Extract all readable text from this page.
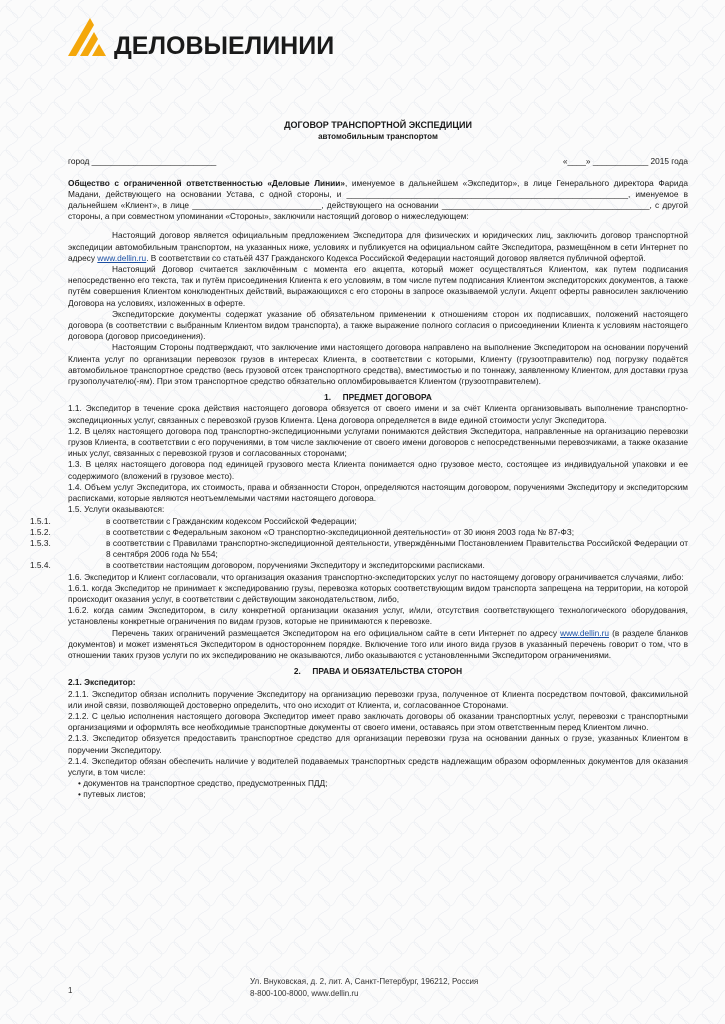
ДЕЛОВЫЕЛИНИИ

ДОГОВОР ТРАНСПОРТНОЙ ЭКСПЕДИЦИИ

автомобильным транспортом

город ___________________________	«____» ____________ 2015 года

Общество с ограниченной ответственностью «Деловые Линии», именуемое в дальнейшем «Экспедитор», в лице Генерального директора Фарида Мадани, действующего на основании Устава, с одной стороны, и _____________________________________________________________, именуемое в дальнейшем «Клиент», в лице ____________________________, действующего на основании _____________________________________________, с другой стороны, а при совместном упоминании «Стороны», заключили настоящий договор о нижеследующем:

Настоящий договор является официальным предложением Экспедитора для физических и юридических лиц, заключить договор транспортной экспедиции автомобильным транспортом, на указанных ниже, условиях и публикуется на официальном сайте Экспедитора, размещённом в сети Интернет по адресу www.dellin.ru. В соответствии со статьёй 437 Гражданского Кодекса Российской Федерации настоящий договор является публичной офертой.

Настоящий Договор считается заключённым с момента его акцепта, который может осуществляться Клиентом, как путем подписания непосредственно его текста, так и путём присоединения Клиента к его условиям, в том числе путем подписания Клиентом экспедиторских документов, а также путём совершения Клиентом конклюдентных действий, выражающихся с его стороны в запросе оказываемой услуги. Акцепт оферты равносилен заключению Договора на условиях, изложенных в оферте.

Экспедиторские документы содержат указание об обязательном применении к отношениям сторон их подписавших, положений настоящего договора (в соответствии с выбранным Клиентом видом транспорта), а также выражение полного согласия о присоединении Клиента к условиям настоящего договора (договор присоединения).

Настоящим Стороны подтверждают, что заключение ими настоящего договора направлено на выполнение Экспедитором на основании поручений Клиента услуг по организации перевозок грузов в интересах Клиента, в соответствии с которыми, Клиенту (грузоотправителю) под погрузку подаётся автомобильное транспортное средство (весь грузовой отсек транспортного средства), вместимостью и по тоннажу, заявленному Клиентом, для доставки груза грузополучателю(-ям). При этом транспортное средство обязательно опломбировывается Клиентом (грузоотправителем).

1.     ПРЕДМЕТ ДОГОВОРА

1.1. Экспедитор в течение срока действия настоящего договора обязуется от своего имени и за счёт Клиента организовывать выполнение транспортно-экспедиционных услуг, связанных с перевозкой грузов Клиента. Цена договора определяется в виде единой стоимости услуг Экспедитора.

1.2. В целях настоящего договора под транспортно-экспедиционными услугами понимаются действия Экспедитора, направленные на организацию перевозки грузов Клиента, в соответствии с его поручениями, в том числе заключение от своего имени договоров с непосредственными перевозчиками, а также оказание иных услуг, связанных с перевозкой грузов и согласованных сторонами;

1.3. В целях настоящего договора под единицей грузового места Клиента понимается одно грузовое место, состоящее из индивидуальной упаковки и ее содержимого (вложений в грузовое место).

1.4. Объем услуг Экспедитора, их стоимость, права и обязанности Сторон, определяются настоящим договором, поручениями Экспедитору и экспедиторским расписками, которые являются неотъемлемыми частями настоящего договора.

1.5. Услуги оказываются:

1.5.1.	в соответствии с Гражданским кодексом Российской Федерации;

1.5.2.	в соответствии с Федеральным законом «О транспортно-экспедиционной деятельности» от 30 июня 2003 года № 87-ФЗ;

1.5.3.	в соответствии с Правилами транспортно-экспедиционной деятельности, утверждёнными Постановлением Правительства Российской Федерации от 8 сентября 2006 года № 554;

1.5.4.	в соответствии настоящим договором, поручениями Экспедитору и экспедиторскими расписками.

1.6. Экспедитор и Клиент согласовали, что организация оказания транспортно-экспедиторских услуг по настоящему договору ограничивается случаями, либо:

1.6.1. когда Экспедитор не принимает к экспедированию грузы, перевозка которых соответствующим видом транспорта запрещена на территории, на которой происходит оказания услуг, в соответствии с действующим законодательством, либо,

1.6.2. когда самим Экспедитором, в силу конкретной организации оказания услуг, и/или, отсутствия соответствующего технологического оборудования, установлены конкретные ограничения по видам грузов, которые не принимаются к перевозке.

Перечень таких ограничений размещается Экспедитором на его официальном сайте в сети Интернет по адресу www.dellin.ru (в разделе бланков документов) и может изменяться Экспедитором в одностороннем порядке. Включение того или иного вида грузов в указанный перечень говорит о том, что в отношении таких грузов услуги по их экспедированию не оказываются, либо оказываются с установленными Экспедитором ограничениями.

2.     ПРАВА И ОБЯЗАТЕЛЬСТВА СТОРОН

2.1. Экспедитор:

2.1.1. Экспедитор обязан исполнить поручение Экспедитору на организацию перевозки груза, полученное от Клиента посредством почтовой, факсимильной или иной связи, позволяющей достоверно определить, что оно исходит от Клиента, и, согласованное Сторонами.

2.1.2. С целью исполнения настоящего договора Экспедитор имеет право заключать договоры об оказании транспортных услуг, перевозки с транспортными организациями и оформлять все необходимые транспортные документы от своего имени, оставаясь при этом ответственным перед Клиентом лично.

2.1.3. Экспедитор обязуется предоставить транспортное средство для организации перевозки груза на основании данных о грузе, указанных Клиентом в поручении Экспедитору.

2.1.4. Экспедитор обязан обеспечить наличие у водителей подаваемых транспортных средств надлежащим образом оформленных документов для оказания услуги, в том числе:

• документов на транспортное средство, предусмотренных ПДД;

• путевых листов;

1
Ул. Внуковская, д. 2, лит. А, Санкт-Петербург, 196212, Россия
8-800-100-8000, www.dellin.ru
